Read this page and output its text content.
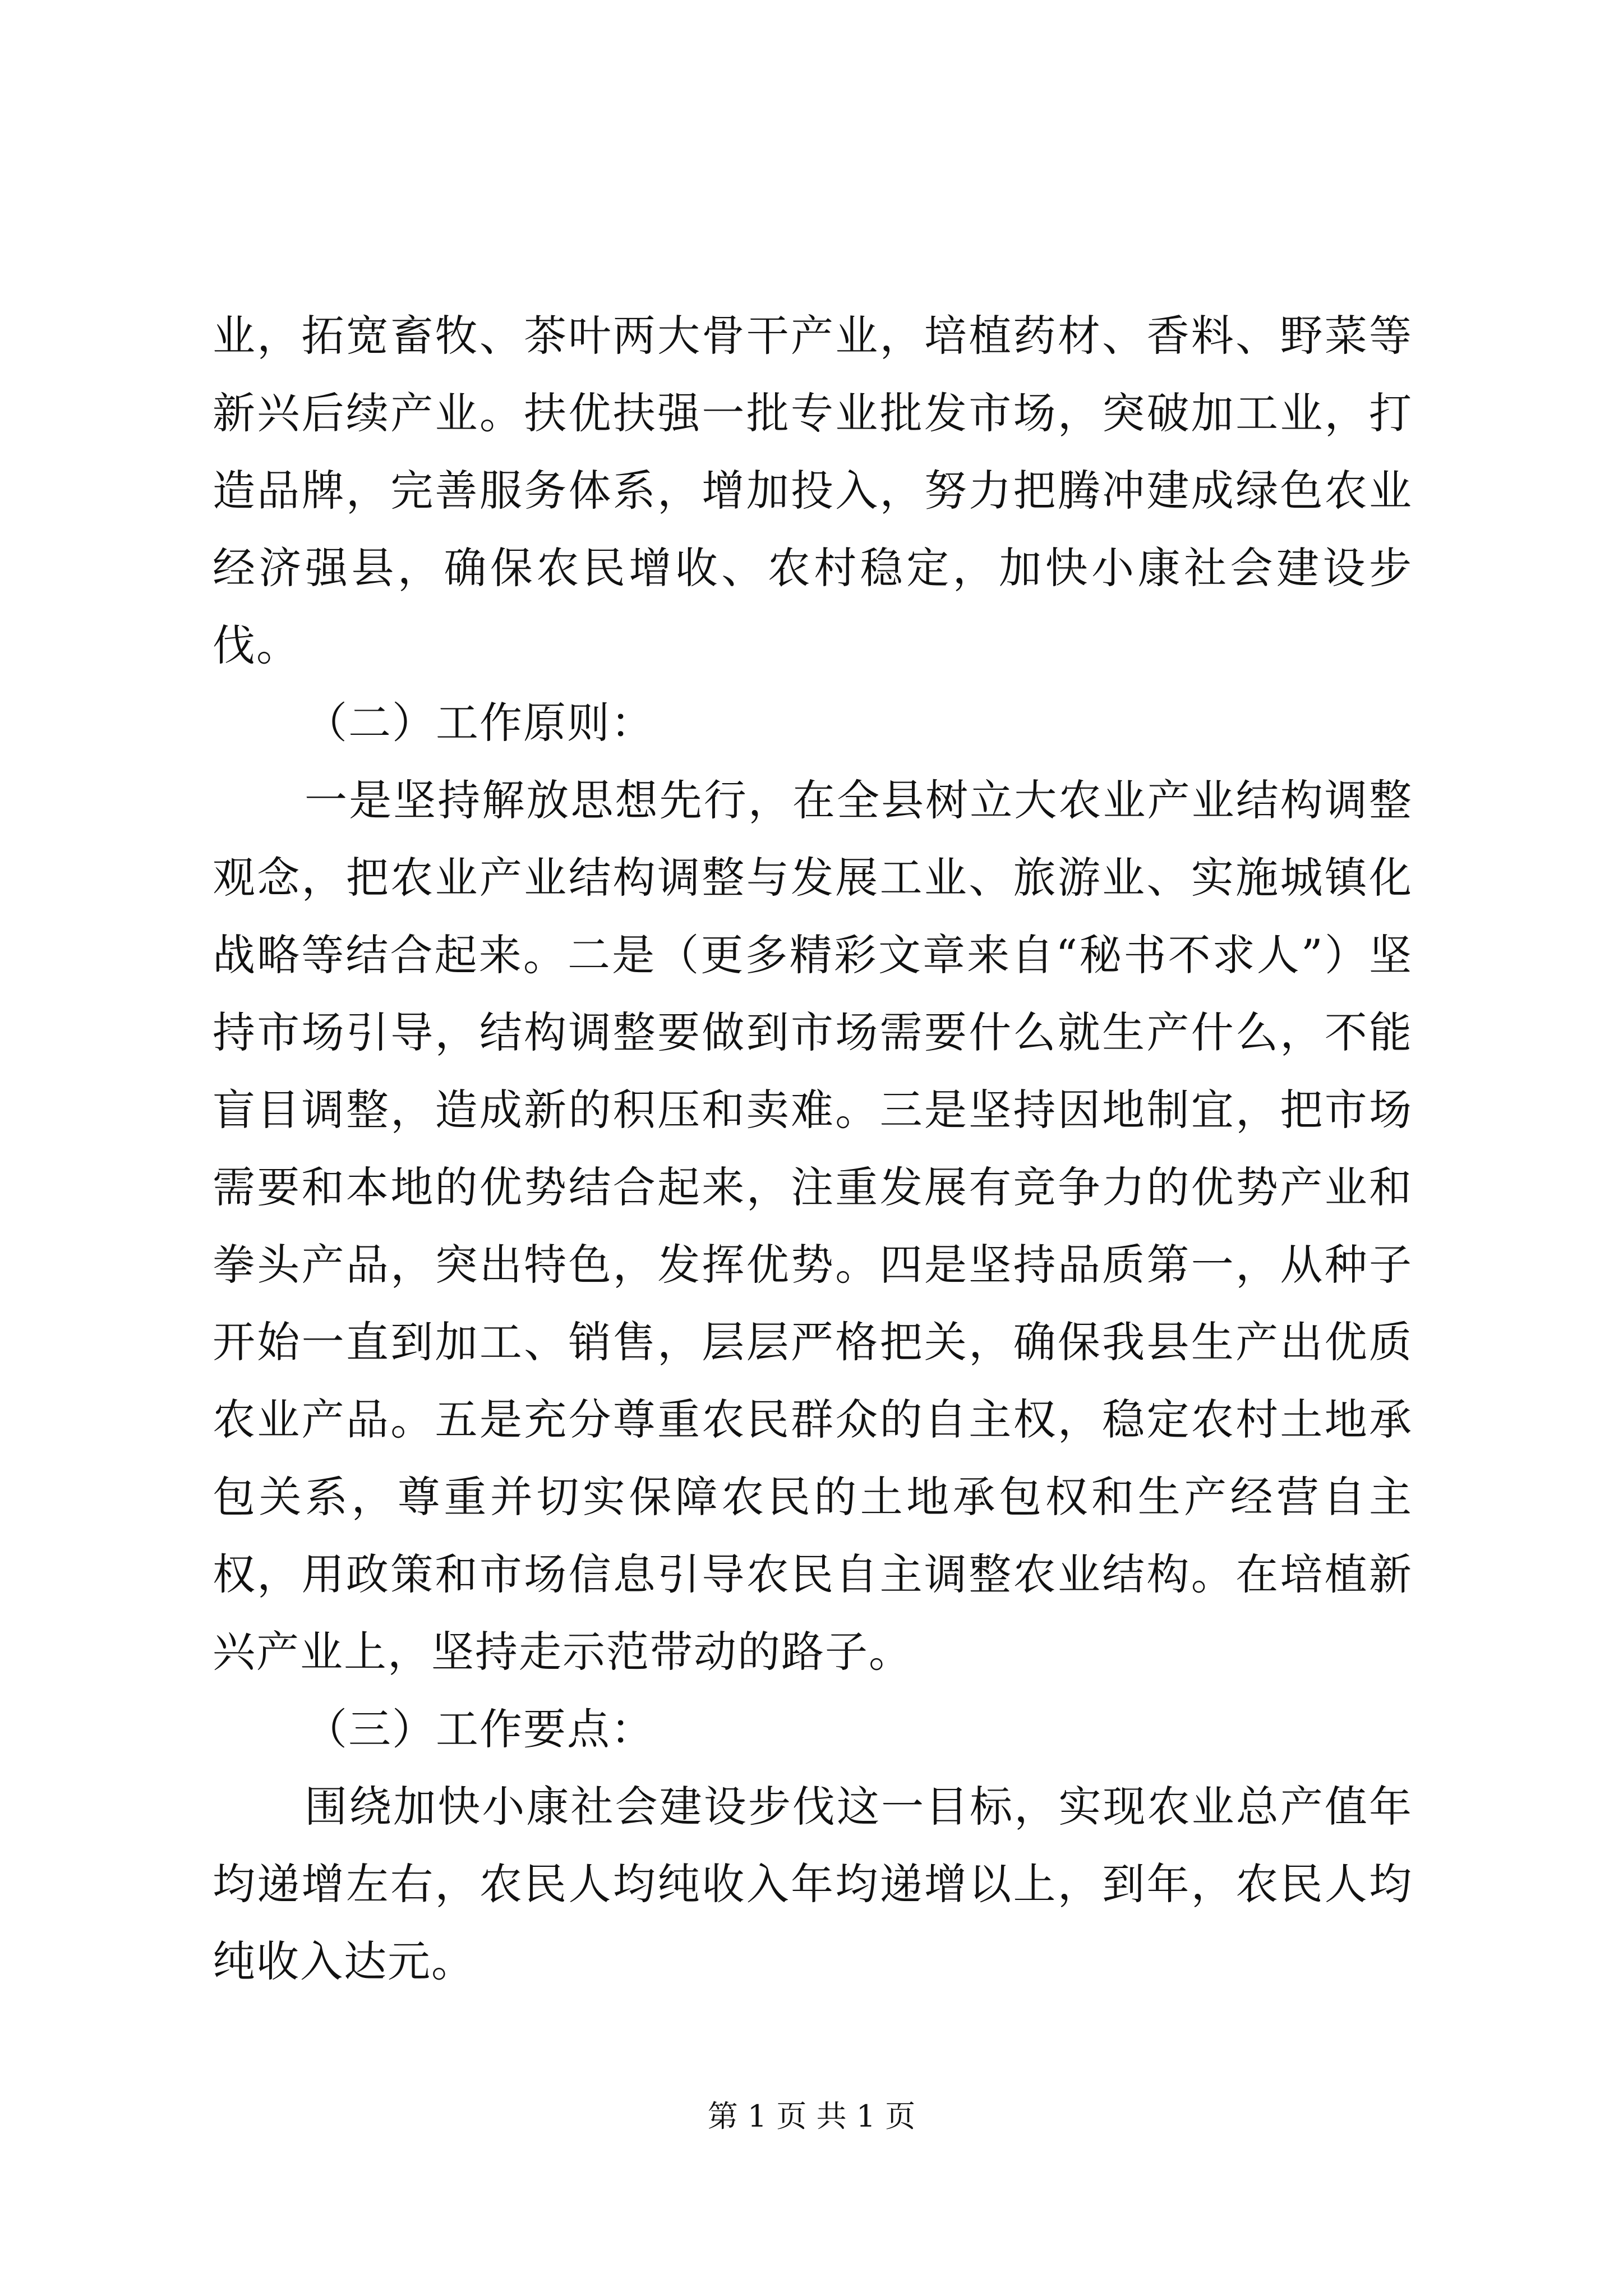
业，拓宽畜牧、茶叶两大骨干产业，培植药材、香料、野菜等新兴后续产业。扶优扶强一批专业批发市场，突破加工业，打造品牌，完善服务体系，增加投入，努力把腾冲建成绿色农业经济强县，确保农民增收、农村稳定，加快小康社会建设步伐。

（二）工作原则：

一是坚持解放思想先行，在全县树立大农业产业结构调整观念，把农业产业结构调整与发展工业、旅游业、实施城镇化战略等结合起来。二是（更多精彩文章来自“秘书不求人”）坚持市场引导，结构调整要做到市场需要什么就生产什么，不能盲目调整，造成新的积压和卖难。三是坚持因地制宜，把市场需要和本地的优势结合起来，注重发展有竞争力的优势产业和拳头产品，突出特色，发挥优势。四是坚持品质第一，从种子开始一直到加工、销售，层层严格把关，确保我县生产出优质农业产品。五是充分尊重农民群众的自主权，稳定农村土地承包关系，尊重并切实保障农民的土地承包权和生产经营自主权，用政策和市场信息引导农民自主调整农业结构。在培植新兴产业上，坚持走示范带动的路子。

（三）工作要点：

围绕加快小康社会建设步伐这一目标，实现农业总产值年均递增左右，农民人均纯收入年均递增以上，到年，农民人均纯收入达元。

第 1 页 共 1 页
